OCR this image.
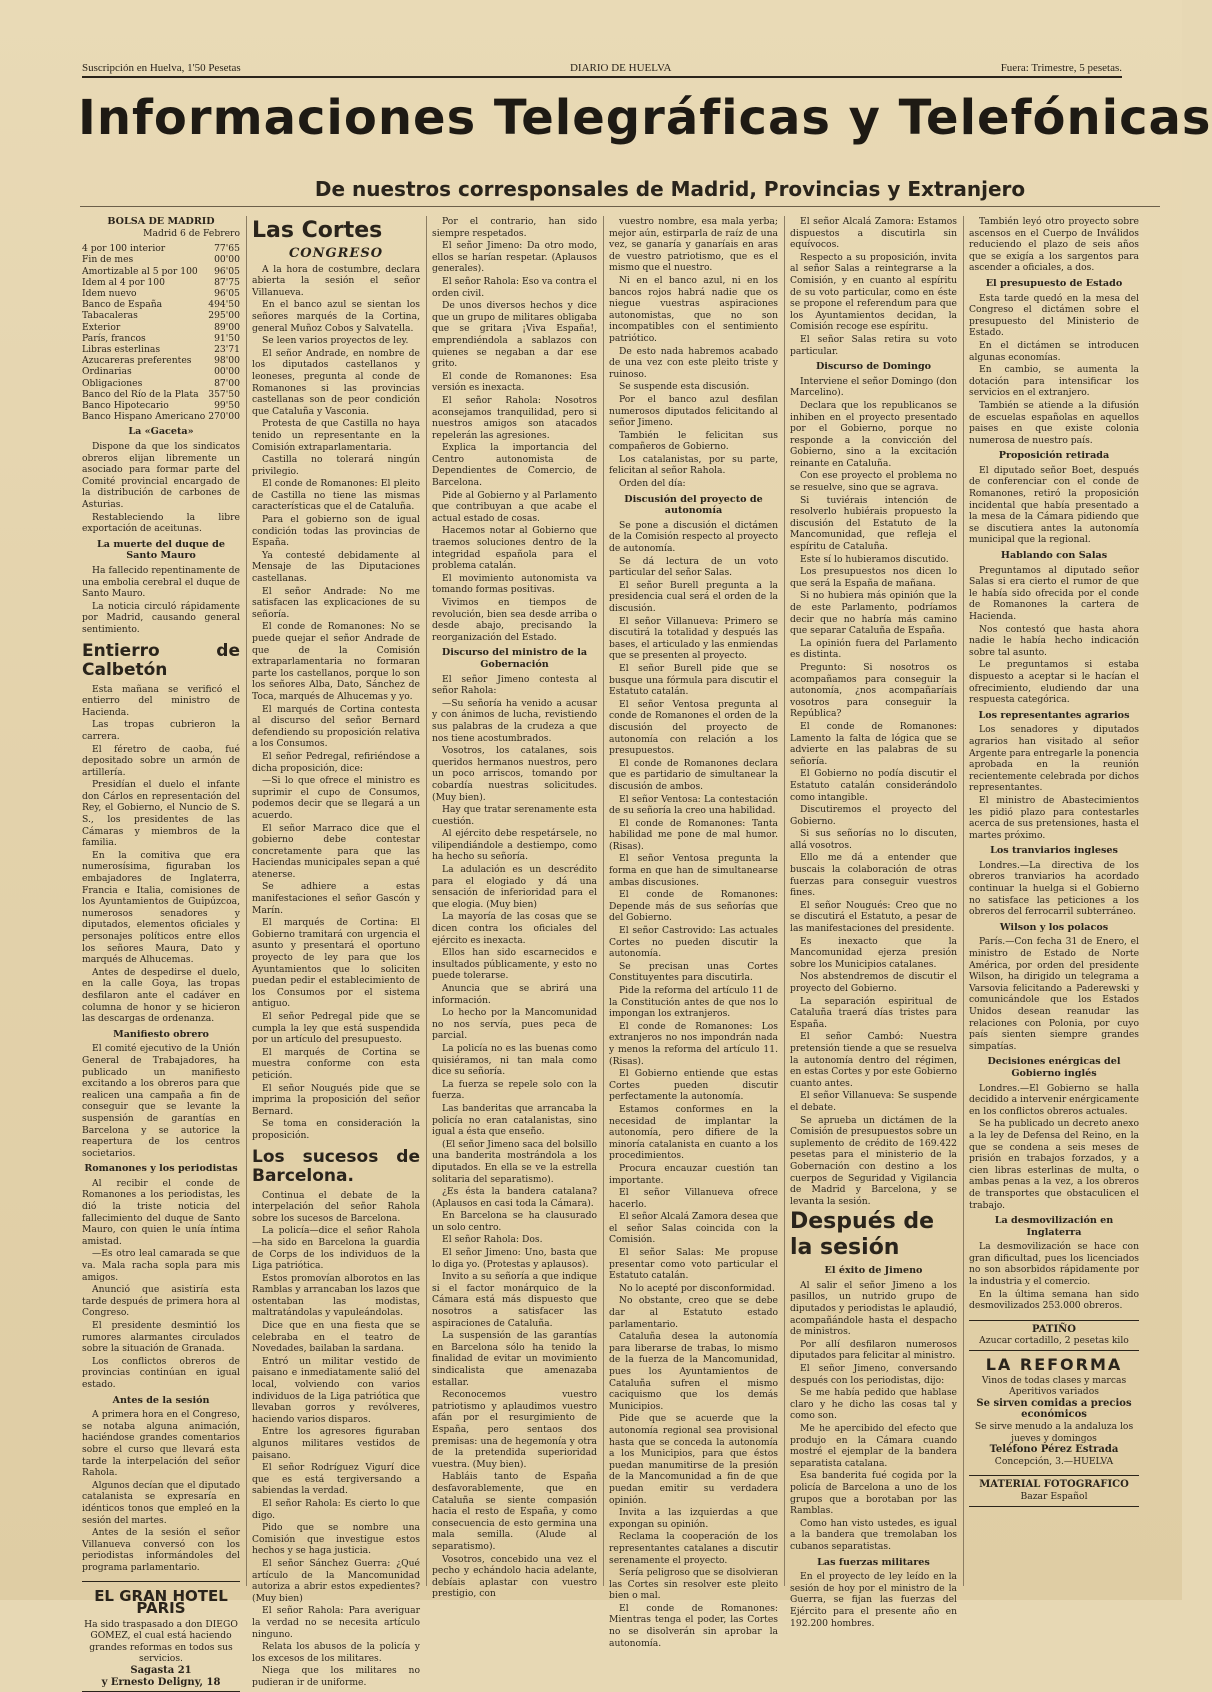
Suscripción en Huelva, 1'50 Pesetas	DIARIO DE HUELVA	Fuera: Trimestre, 5 pesetas.
Informaciones Telegráficas y Telefónicas
De nuestros corresponsales de Madrid, Provincias y Extranjero
BOLSA DE MADRID
Madrid 6 de Febrero
4 por 100 interior	77'65
Fin de mes	00'00
Amortizable al 5 por 100	96'05
Idem al 4 por 100	87'75
Idem nuevo	96'05
Banco de España	494'50
Tabacaleras	295'00
Exterior	89'00
París, francos	91'50
Libras esterlinas	23'71
Azucareras preferentes	98'00
Ordinarias	00'00
Obligaciones	87'00
Banco del Río de la Plata	357'50
Banco Hipotecario	99'50
Banco Hispano Americano	270'00
La «Gaceta»

Dispone da que los sindicatos obreros elijan libremente un asociado para formar parte del Comité provincial encargado de la distribución de carbones de Asturias.

Restableciendo la libre exportación de aceitunas.

La muerte del duque de Santo Mauro

Ha fallecido repentinamente de una embolia cerebral el duque de Santo Mauro.

La noticia circuló rápidamente por Madrid, causando general sentimiento.

Entierro de Calbetón

Esta mañana se verificó el entierro del ministro de Hacienda.

Las tropas cubrieron la carrera.

El féretro de caoba, fué depositado sobre un armón de artillería.

Presidían el duelo el infante don Cárlos en representación del Rey, el Gobierno, el Nuncio de S. S., los presidentes de las Cámaras y miembros de la familia.

En la comitiva que era numerosísima, figuraban los embajadores de Inglaterra, Francia e Italia, comisiones de los Ayuntamientos de Guipúzcoa, numerosos senadores y diputados, elementos oficiales y personajes políticos entre ellos los señores Maura, Dato y marqués de Alhucemas.

Antes de despedirse el duelo, en la calle Goya, las tropas desfilaron ante el cadáver en columna de honor y se hicieron las descargas de ordenanza.

Manifiesto obrero

El comité ejecutivo de la Unión General de Trabajadores, ha publicado un manifiesto excitando a los obreros para que realicen una campaña a fin de conseguir que se levante la suspensión de garantías en Barcelona y se autorice la reapertura de los centros societarios.

Romanones y los periodistas

Al recibir el conde de Romanones a los periodistas, les dió la triste noticia del fallecimiento del duque de Santo Mauro, con quien le unía íntima amistad.

—Es otro leal camarada se que va. Mala racha sopla para mis amigos.

Anunció que asistiría esta tarde después de primera hora al Congreso.

El presidente desmintió los rumores alarmantes circulados sobre la situación de Granada.

Los conflictos obreros de provincias continúan en igual estado.

Antes de la sesión

A primera hora en el Congreso, se notaba alguna animación, haciéndose grandes comentarios sobre el curso que llevará esta tarde la interpelación del señor Rahola.

Algunos decían que el diputado catalanista se expresaría en idénticos tonos que empleó en la sesión del martes.

Antes de la sesión el señor Villanueva conversó con los periodistas informándoles del programa parlamentario.

EL GRAN HOTEL PARIS
Ha sido traspasado a don DIEGO GOMEZ, el cual está haciendo grandes reformas en todos sus servicios.
Sagasta 21
y Ernesto Deligny, 18
Las Cortes
CONGRESO

A la hora de costumbre, declara abierta la sesión el señor Villanueva.

En el banco azul se sientan los señores marqués de la Cortina, general Muñoz Cobos y Salvatella.

Se leen varios proyectos de ley.

El señor Andrade, en nombre de los diputados castellanos y leoneses, pregunta al conde de Romanones si las provincias castellanas son de peor condición que Cataluña y Vasconia.

Protesta de que Castilla no haya tenido un representante en la Comisión extraparlamentaria.

Castilla no tolerará ningún privilegio.

El conde de Romanones: El pleito de Castilla no tiene las mismas características que el de Cataluña.

Para el gobierno son de igual condición todas las provincias de España.

Ya contesté debidamente al Mensaje de las Diputaciones castellanas.

El señor Andrade: No me satisfacen las explicaciones de su señoría.

El conde de Romanones: No se puede quejar el señor Andrade de que de la Comisión extraparlamentaria no formaran parte los castellanos, porque lo son los señores Alba, Dato, Sánchez de Toca, marqués de Alhucemas y yo.

El marqués de Cortina contesta al discurso del señor Bernard defendiendo su proposición relativa a los Consumos.

El señor Pedregal, refiriéndose a dicha proposición, dice:

—Si lo que ofrece el ministro es suprimir el cupo de Consumos, podemos decir que se llegará a un acuerdo.

El señor Marraco dice que el gobierno debe contestar concretamente para que las Haciendas municipales sepan a qué atenerse.

Se adhiere a estas manifestaciones el señor Gascón y Marín.

El marqués de Cortina: El Gobierno tramitará con urgencia el asunto y presentará el oportuno proyecto de ley para que los Ayuntamientos que lo soliciten puedan pedir el establecimiento de los Consumos por el sistema antiguo.

El señor Pedregal pide que se cumpla la ley que está suspendida por un artículo del presupuesto.

El marqués de Cortina se muestra conforme con esta petición.

El señor Nougués pide que se imprima la proposición del señor Bernard.

Se toma en consideración la proposición.

Los sucesos de Barcelona.

Continua el debate de la interpelación del señor Rahola sobre los sucesos de Barcelona.

La policía—dice el señor Rahola—ha sido en Barcelona la guardia de Corps de los individuos de la Liga patriótica.

Estos promovían alborotos en las Ramblas y arrancaban los lazos que ostentaban las modistas, maltratándolas y vapuleándolas.

Dice que en una fiesta que se celebraba en el teatro de Novedades, bailaban la sardana.

Entró un militar vestido de paisano e inmediatamente salió del local, volviendo con varios individuos de la Liga patriótica que llevaban gorros y revólveres, haciendo varios disparos.

Entre los agresores figuraban algunos militares vestidos de paisano.

El señor Rodríguez Vigurí dice que es está tergiversando a sabiendas la verdad.

El señor Rahola: Es cierto lo que digo.

Pido que se nombre una Comisión que investigue estos hechos y se haga justicia.

El señor Sánchez Guerra: ¿Qué artículo de la Mancomunidad autoriza a abrir estos expedientes? (Muy bien)

El señor Rahola: Para averiguar la verdad no se necesita artículo ninguno.

Relata los abusos de la policía y los excesos de los militares.

Niega que los militares no pudieran ir de uniforme.

Por el contrario, han sido siempre respetados.

El señor Jimeno: Da otro modo, ellos se harían respetar. (Aplausos generales).

El señor Rahola: Eso va contra el orden civil.

De unos diversos hechos y dice que un grupo de militares obligaba que se gritara ¡Viva España!, emprendiéndola a sablazos con quienes se negaban a dar ese grito.

El conde de Romanones: Esa versión es inexacta.

El señor Rahola: Nosotros aconsejamos tranquilidad, pero si nuestros amigos son atacados repelerán las agresiones.

Explica la importancia del Centro autonomista de Dependientes de Comercio, de Barcelona.

Pide al Gobierno y al Parlamento que contribuyan a que acabe el actual estado de cosas.

Hacemos notar al Gobierno que traemos soluciones dentro de la integridad española para el problema catalán.

El movimiento autonomista va tomando formas positivas.

Vivimos en tiempos de revolución, bien sea desde arriba o desde abajo, precisando la reorganización del Estado.

Discurso del ministro de la Gobernación

El señor Jimeno contesta al señor Rahola:

—Su señoría ha venido a acusar y con ánimos de lucha, revistiendo sus palabras de la crudeza a que nos tiene acostumbrados.

Vosotros, los catalanes, sois queridos hermanos nuestros, pero un poco arriscos, tomando por cobardía nuestras solicitudes. (Muy bien).

Hay que tratar serenamente esta cuestión.

Al ejército debe respetársele, no vilipendiándole a destiempo, como ha hecho su señoría.

La adulación es un descrédito para el elogiado y dá una sensación de inferioridad para el que elogia. (Muy bien)

La mayoría de las cosas que se dicen contra los oficiales del ejército es inexacta.

Ellos han sido escarnecidos e insultados públicamente, y esto no puede tolerarse.

Anuncia que se abrirá una información.

Lo hecho por la Mancomunidad no nos servía, pues peca de parcial.

La policía no es las buenas como quisiéramos, ni tan mala como dice su señoría.

La fuerza se repele solo con la fuerza.

Las banderitas que arrancaba la policía no eran catalanistas, sino igual a ésta que enseño.

(El señor Jimeno saca del bolsillo una banderita mostrándola a los diputados. En ella se ve la estrella solitaria del separatismo).

¿Es ésta la bandera catalana? (Aplausos en casi toda la Cámara).

En Barcelona se ha clausurado un solo centro.

El señor Rahola: Dos.

El señor Jimeno: Uno, basta que lo diga yo. (Protestas y aplausos).

Invito a su señoría a que indique si el factor monárquico de la Cámara está más dispuesto que nosotros a satisfacer las aspiraciones de Cataluña.

La suspensión de las garantías en Barcelona sólo ha tenido la finalidad de evitar un movimiento sindicalista que amenazaba estallar.

Reconocemos vuestro patriotismo y aplaudimos vuestro afán por el resurgimiento de España, pero sentaos dos premisas: una de hegemonía y otra de la pretendida superioridad vuestra. (Muy bien).

Habláis tanto de España desfavorablemente, que en Cataluña se siente compasión hacia el resto de España, y como consecuencia de esto germina una mala semilla. (Alude al separatismo).

Vosotros, concebido una vez el pecho y echándolo hacia adelante, debíais aplastar con vuestro prestigio, con

vuestro nombre, esa mala yerba; mejor aún, estirparla de raíz de una vez, se ganaría y ganaríais en aras de vuestro patriotismo, que es el mismo que el nuestro.

Ni en el banco azul, ni en los bancos rojos habrá nadie que os niegue vuestras aspiraciones autonomistas, que no son incompatibles con el sentimiento patriótico.

De esto nada habremos acabado de una vez con este pleito triste y ruinoso.

Se suspende esta discusión.

Por el banco azul desfilan numerosos diputados felicitando al señor Jimeno.

También le felicitan sus compañeros de Gobierno.

Los catalanistas, por su parte, felicitan al señor Rahola.

Orden del día:

Discusión del proyecto de autonomía

Se pone a discusión el dictámen de la Comisión respecto al proyecto de autonomía.

Se dá lectura de un voto particular del señor Salas.

El señor Burell pregunta a la presidencia cual será el orden de la discusión.

El señor Villanueva: Primero se discutirá la totalidad y después las bases, el articulado y las enmiendas que se presenten al proyecto.

El señor Burell pide que se busque una fórmula para discutir el Estatuto catalán.

El señor Ventosa pregunta al conde de Romanones el orden de la discusión del proyecto de autonomía con relación a los presupuestos.

El conde de Romanones declara que es partidario de simultanear la discusión de ambos.

El señor Ventosa: La contestación de su señoría la creo una habilidad.

El conde de Romanones: Tanta habilidad me pone de mal humor. (Risas).

El señor Ventosa pregunta la forma en que han de simultanearse ambas discusiones.

El conde de Romanones: Depende más de sus señorías que del Gobierno.

El señor Castrovido: Las actuales Cortes no pueden discutir la autonomía.

Se precisan unas Cortes Constituyentes para discutirla.

Pide la reforma del artículo 11 de la Constitución antes de que nos lo impongan los extranjeros.

El conde de Romanones: Los extranjeros no nos impondrán nada y menos la reforma del artículo 11. (Risas).

El Gobierno entiende que estas Cortes pueden discutir perfectamente la autonomía.

Estamos conformes en la necesidad de implantar la autonomía, pero difiere de la minoría catalanista en cuanto a los procedimientos.

Procura encauzar cuestión tan importante.

El señor Villanueva ofrece hacerlo.

El señor Alcalá Zamora desea que el señor Salas coincida con la Comisión.

El señor Salas: Me propuse presentar como voto particular el Estatuto catalán.

No lo acepté por disconformidad.

No obstante, creo que se debe dar al Estatuto estado parlamentario.

Cataluña desea la autonomía para liberarse de trabas, lo mismo de la fuerza de la Mancomunidad, pues los Ayuntamientos de Cataluña sufren el mismo caciquismo que los demás Municipios.

Pide que se acuerde que la autonomía regional sea provisional hasta que se conceda la autonomía a los Municipios, para que éstos puedan manumitirse de la presión de la Mancomunidad a fin de que puedan emitir su verdadera opinión.

Invita a las izquierdas a que expongan su opinión.

Reclama la cooperación de los representantes catalanes a discutir serenamente el proyecto.

Sería peligroso que se disolvieran las Cortes sin resolver este pleito bien o mal.

El conde de Romanones: Mientras tenga el poder, las Cortes no se disolverán sin aprobar la autonomía.

El señor Alcalá Zamora: Estamos dispuestos a discutirla sin equívocos.

Respecto a su proposición, invita al señor Salas a reintegrarse a la Comisión, y en cuanto al espíritu de su voto particular, como en éste se propone el referendum para que los Ayuntamientos decidan, la Comisión recoge ese espíritu.

El señor Salas retira su voto particular.

Discurso de Domingo

Interviene el señor Domingo (don Marcelino).

Declara que los republicanos se inhiben en el proyecto presentado por el Gobierno, porque no responde a la convicción del Gobierno, sino a la excitación reinante en Cataluña.

Con ese proyecto el problema no se resuelve, sino que se agrava.

Si tuviérais intención de resolverlo hubiérais propuesto la discusión del Estatuto de la Mancomunidad, que refleja el espíritu de Cataluña.

Este sí lo hubieramos discutido.

Los presupuestos nos dicen lo que será la España de mañana.

Si no hubiera más opinión que la de este Parlamento, podríamos decir que no habría más camino que separar Cataluña de España.

La opinión fuera del Parlamento es distinta.

Pregunto: Si nosotros os acompañamos para conseguir la autonomía, ¿nos acompañaríais vosotros para conseguir la República?

El conde de Romanones: Lamento la falta de lógica que se advierte en las palabras de su señoría.

El Gobierno no podía discutir el Estatuto catalán considerándolo como intangible.

Discutiremos el proyecto del Gobierno.

Si sus señorías no lo discuten, allá vosotros.

Ello me dá a entender que buscais la colaboración de otras fuerzas para conseguir vuestros fines.

El señor Nougués: Creo que no se discutirá el Estatuto, a pesar de las manifestaciones del presidente.

Es inexacto que la Mancomunidad ejerza presión sobre los Municipios catalanes.

Nos abstendremos de discutir el proyecto del Gobierno.

La separación espiritual de Cataluña traerá días tristes para España.

El señor Cambó: Nuestra pretensión tiende a que se resuelva la autonomía dentro del régimen, en estas Cortes y por este Gobierno cuanto antes.

El señor Villanueva: Se suspende el debate.

Se aprueba un dictámen de la Comisión de presupuestos sobre un suplemento de crédito de 169.422 pesetas para el ministerio de la Gobernación con destino a los cuerpos de Seguridad y Vigilancia de Madrid y Barcelona, y se levanta la sesión.

Después de la sesión
El éxito de Jimeno

Al salir el señor Jimeno a los pasillos, un nutrido grupo de diputados y periodistas le aplaudió, acompañándole hasta el despacho de ministros.

Por allí desfilaron numerosos diputados para felicitar al ministro.

El señor Jimeno, conversando después con los periodistas, dijo:

Se me había pedido que hablase claro y he dicho las cosas tal y como son.

Me he apercibido del efecto que produjo en la Cámara cuando mostré el ejemplar de la bandera separatista catalana.

Esa banderita fué cogida por la policía de Barcelona a uno de los grupos que a borotaban por las Ramblas.

Como han visto ustedes, es igual a la bandera que tremolaban los cubanos separatistas.

Las fuerzas militares

En el proyecto de ley leído en la sesión de hoy por el ministro de la Guerra, se fijan las fuerzas del Ejército para el presente año en 192.200 hombres.

También leyó otro proyecto sobre ascensos en el Cuerpo de Inválidos reduciendo el plazo de seis años que se exigía a los sargentos para ascender a oficiales, a dos.

El presupuesto de Estado

Esta tarde quedó en la mesa del Congreso el dictámen sobre el presupuesto del Ministerio de Estado.

En el dictámen se introducen algunas economías.

En cambio, se aumenta la dotación para intensificar los servicios en el extranjero.

También se atiende a la difusión de escuelas españolas en aquellos paises en que existe colonia numerosa de nuestro país.

Proposición retirada

El diputado señor Boet, después de conferenciar con el conde de Romanones, retiró la proposición incidental que había presentado a la mesa de la Cámara pidiendo que se discutiera antes la autonomía municipal que la regional.

Hablando con Salas

Preguntamos al diputado señor Salas si era cierto el rumor de que le había sido ofrecida por el conde de Romanones la cartera de Hacienda.

Nos contestó que hasta ahora nadie le había hecho indicación sobre tal asunto.

Le preguntamos si estaba dispuesto a aceptar si le hacían el ofrecimiento, eludiendo dar una respuesta categórica.

Los representantes agrarios

Los senadores y diputados agrarios han visitado al señor Argente para entregarle la ponencia aprobada en la reunión recientemente celebrada por dichos representantes.

El ministro de Abastecimientos les pidió plazo para contestarles acerca de sus pretensiones, hasta el martes próximo.

Los tranviarios ingleses

Londres.—La directiva de los obreros tranviarios ha acordado continuar la huelga si el Gobierno no satisface las peticiones a los obreros del ferrocarril subterráneo.

Wilson y los polacos

París.—Con fecha 31 de Enero, el ministro de Estado de Norte América, por orden del presidente Wilson, ha dirigido un telegrama a Varsovia felicitando a Paderewski y comunicándole que los Estados Unidos desean reanudar las relaciones con Polonia, por cuyo país sienten siempre grandes simpatías.

Decisiones enérgicas del Gobierno inglés

Londres.—El Gobierno se halla decidido a intervenir enérgicamente en los conflictos obreros actuales.

Se ha publicado un decreto anexo a la ley de Defensa del Reino, en la que se condena a seis meses de prisión en trabajos forzados, y a cien libras esterlinas de multa, o ambas penas a la vez, a los obreros de transportes que obstaculicen el trabajo.

La desmovilización en Inglaterra

La desmovilización se hace con gran dificultad, pues los licenciados no son absorbidos rápidamente por la industria y el comercio.

En la última semana han sido desmovilizados 253.000 obreros.

PATIÑO
Azucar cortadillo, 2 pesetas kilo
LA REFORMA
Vinos de todas clases y marcas
Aperitivos variados
Se sirven comidas a precios económicos
Se sirve menudo a la andaluza los jueves y domingos
Teléfono Pérez Estrada
Concepción, 3.—HUELVA
MATERIAL FOTOGRAFICO
Bazar Español
